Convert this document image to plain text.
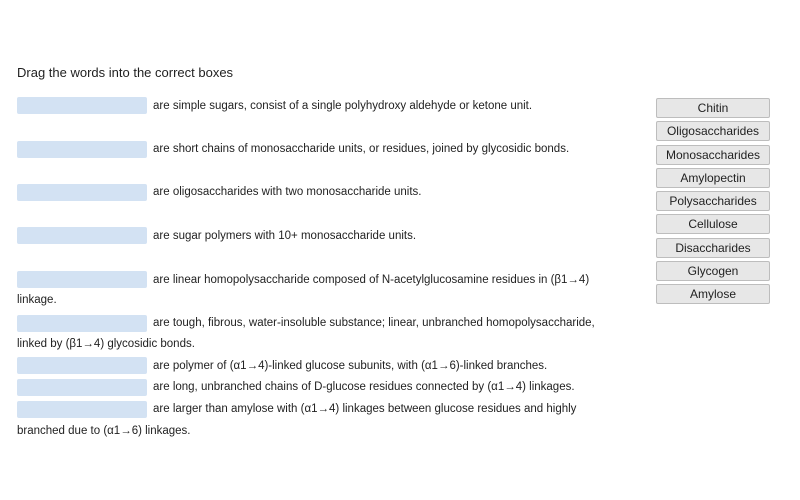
Drag the words into the correct boxes
are simple sugars, consist of a single polyhydroxy aldehyde or ketone unit.
are short chains of monosaccharide units, or residues, joined by glycosidic bonds.
are oligosaccharides with two monosaccharide units.
are sugar polymers with 10+ monosaccharide units.
are linear homopolysaccharide composed of N-acetylglucosamine residues in (β1→4)
linkage.
are tough, fibrous, water-insoluble substance; linear, unbranched homopolysaccharide,
linked by (β1→4) glycosidic bonds.
are polymer of (α1→4)-linked glucose subunits, with (α1→6)-linked branches.
are long, unbranched chains of D-glucose residues connected by (α1→4) linkages.
are larger than amylose with (α1→4) linkages between glucose residues and highly
branched due to (α1→6) linkages.
Chitin
Oligosaccharides
Monosaccharides
Amylopectin
Polysaccharides
Cellulose
Disaccharides
Glycogen
Amylose
